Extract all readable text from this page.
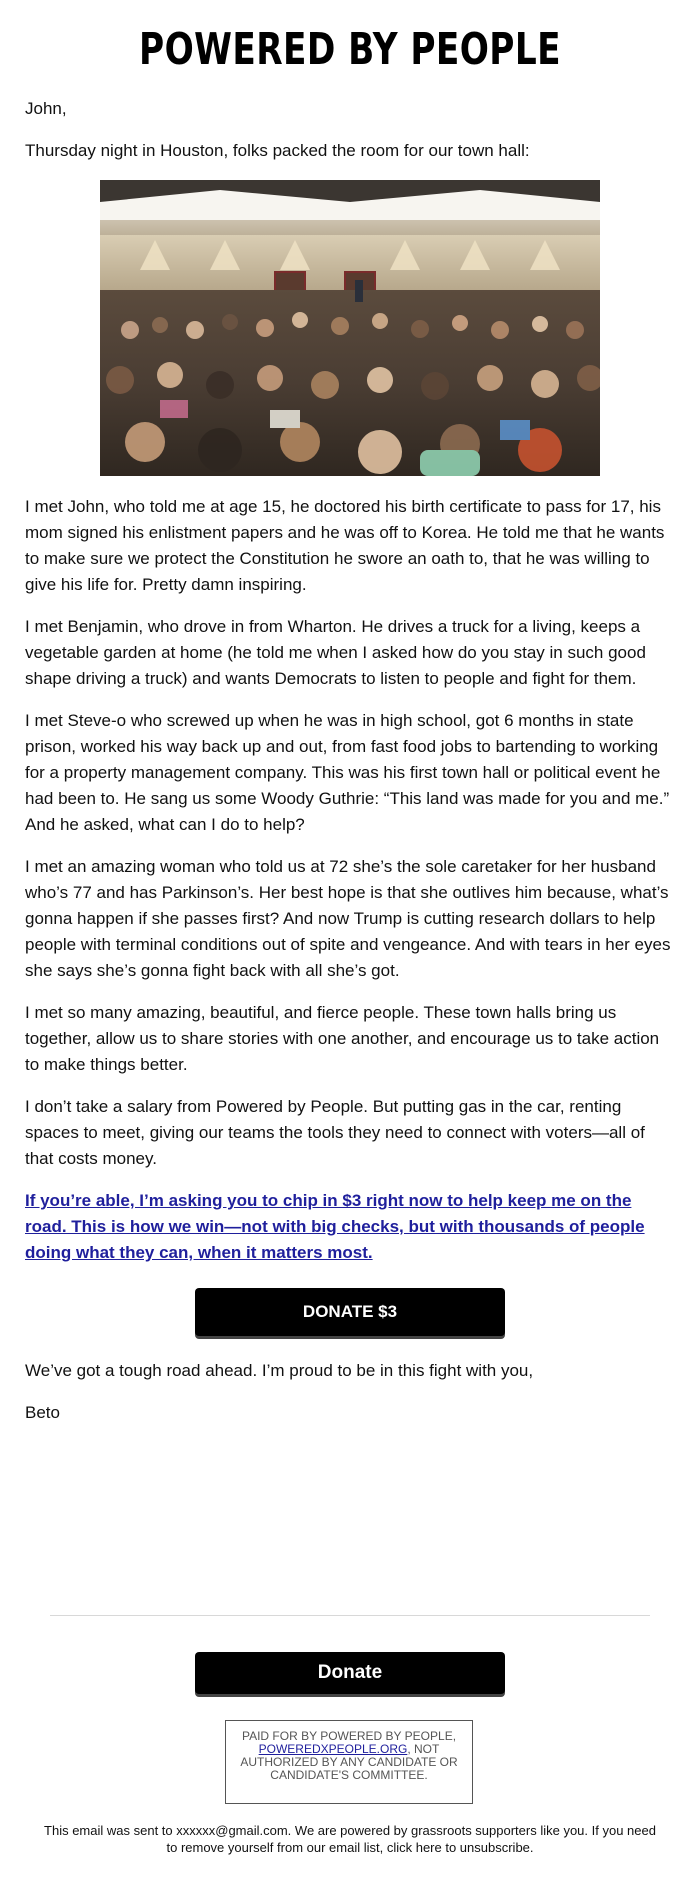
POWERED BY PEOPLE

John,

Thursday night in Houston, folks packed the room for our town hall:

I met John, who told me at age 15, he doctored his birth certificate to pass for 17, his mom signed his enlistment papers and he was off to Korea. He told me that he wants to make sure we protect the Constitution he swore an oath to, that he was willing to give his life for. Pretty damn inspiring.

I met Benjamin, who drove in from Wharton. He drives a truck for a living, keeps a vegetable garden at home (he told me when I asked how do you stay in such good shape driving a truck) and wants Democrats to listen to people and fight for them.

I met Steve-o who screwed up when he was in high school, got 6 months in state prison, worked his way back up and out, from fast food jobs to bartending to working for a property management company. This was his first town hall or political event he had been to. He sang us some Woody Guthrie: “This land was made for you and me.” And he asked, what can I do to help?

I met an amazing woman who told us at 72 she’s the sole caretaker for her husband who’s 77 and has Parkinson’s. Her best hope is that she outlives him because, what’s gonna happen if she passes first? And now Trump is cutting research dollars to help people with terminal conditions out of spite and vengeance. And with tears in her eyes she says she’s gonna fight back with all she’s got.

I met so many amazing, beautiful, and fierce people. These town halls bring us together, allow us to share stories with one another, and encourage us to take action to make things better.

I don’t take a salary from Powered by People. But putting gas in the car, renting spaces to meet, giving our teams the tools they need to connect with voters—all of that costs money.

If you’re able, I’m asking you to chip in $3 right now to help keep me on the road. This is how we win—not with big checks, but with thousands of people doing what they can, when it matters most.
DONATE $3

We’ve got a tough road ahead. I’m proud to be in this fight with you,

Beto

Donate
PAID FOR BY POWERED BY PEOPLE, POWEREDXPEOPLE.ORG, NOT AUTHORIZED BY ANY CANDIDATE OR CANDIDATE'S COMMITTEE.
This email was sent to xxxxxx@gmail.com. We are powered by grassroots supporters like you. If you need to remove yourself from our email list, click here to unsubscribe.
